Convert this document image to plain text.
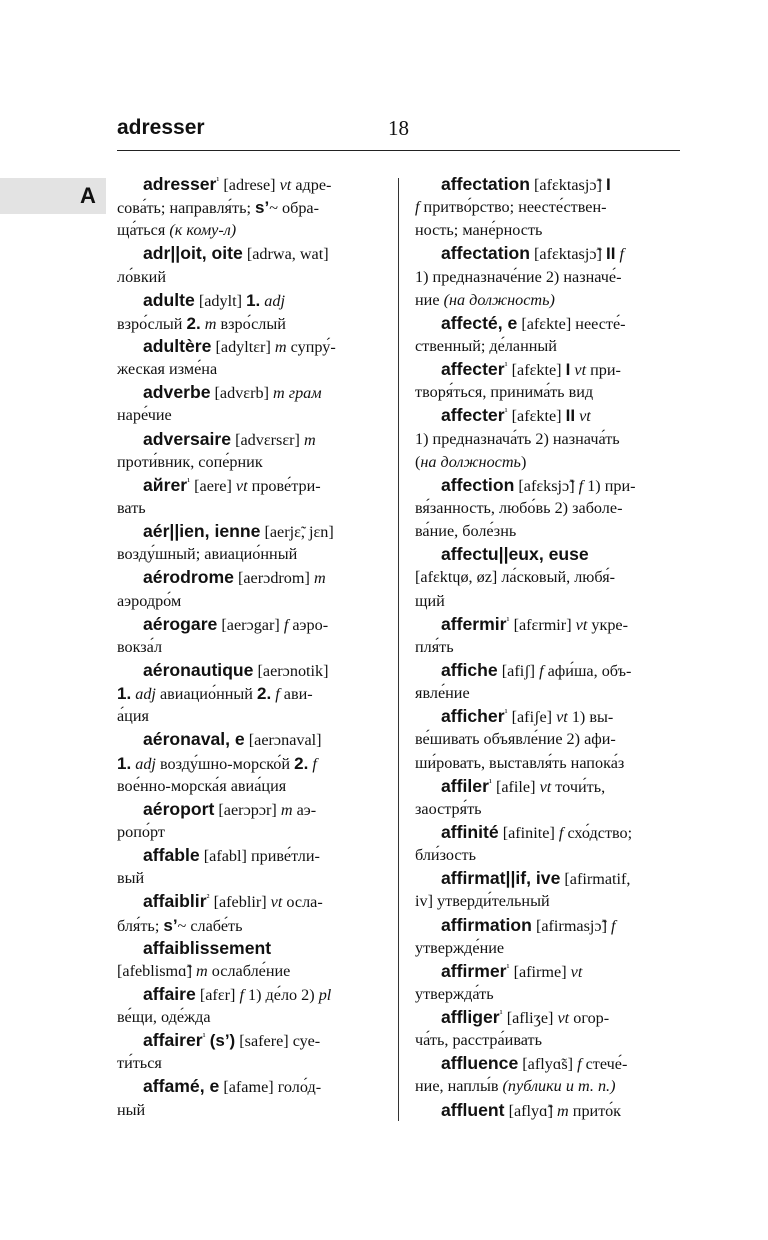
adresser	18
A	adresser$^{^1}$ [adrese] vt адре-
сова́ть; направля́ть; s’~ обра-
ща́ться (к кому-л)
adr||oit, oite [adrwa, wat]
ло́вкий
adulte [adylt] 1. adj
взро́слый 2. m взро́слый
adultère [adyltɛr] m супру́-
жеская изме́на
adverbe [advɛrb] m грам
наре́чие
adversaire [advɛrsɛr] m
проти́вник, сопе́рник
aйrer$^{^1}$ [aere] vt прове́три-
вать
aér||ien, ienne [aerjɛ̃, jɛn]
возду́шный; авиацио́нный
aérodrome [aerɔdrom] m
аэродро́м
aérogare [aerɔgar] f аэро-
вокза́л
aéronautique [aerɔnotik]
1. adj авиацио́нный 2. f ави-
а́ция
aéronaval, e [aerɔnaval]
1. adj возду́шно-морско́й 2. f
вое́нно-морска́я авиа́ция
aéroport [aerɔpɔr] m аэ-
ропо́рт
affable [afabl] приве́тли-
вый
affaiblir$^{^2}$ [afeblir] vt осла-
бля́ть; s’~ слабе́ть
affaiblissement
[afeblismɑ̃] m ослабле́ние
affaire [afɛr] f 1) де́ло 2) pl
ве́щи, оде́жда
affairer$^{^1}$ (s’) [safere] суе-
ти́ться
affamé, e [afame] голо́д-
ный
affectation [afɛktasjɔ̃] I
f притво́рство; неесте́ствен-
ность; мане́рность
affectation [afɛktasjɔ̃] II f
1) предназначе́ние 2) назначе́-
ние (на должность)
affecté, e [afɛkte] неесте́-
ственный; де́ланный
affecter$^{^1}$ [afɛkte] I vt при-
творя́ться, принима́ть вид
affecter$^{^1}$ [afɛkte] II vt
1) предназнача́ть 2) назнача́ть
(на должность)
affection [afɛksjɔ̃] f 1) при-
вя́занность, любо́вь 2) заболе-
ва́ние, боле́знь
affectu||eux, euse
[afɛktɥø, øz] ла́сковый, любя́-
щий
affermir$^{^1}$ [afɛrmir] vt укре-
пля́ть
affiche [afiʃ] f афи́ша, объ-
явле́ние
afficher$^{^1}$ [afiʃe] vt 1) вы-
ве́шивать объявле́ние 2) афи-
ши́ровать, выставля́ть напока́з
affiler$^{^1}$ [afile] vt точи́ть,
заостря́ть
affinité [afinite] f схо́дство;
бли́зость
affirmat||if, ive [afirmatif,
iv] утверди́тельный
affirmation [afirmasjɔ̃] f
утвержде́ние
affirmer$^{^1}$ [afirme] vt
утвержда́ть
affliger$^{^1}$ [afliʒe] vt огор-
ча́ть, расстра́ивать
affluence [aflyɑ̃s] f стече́-
ние, наплы́в (публики и т. п.)
affluent [aflyɑ̃] m прито́к
